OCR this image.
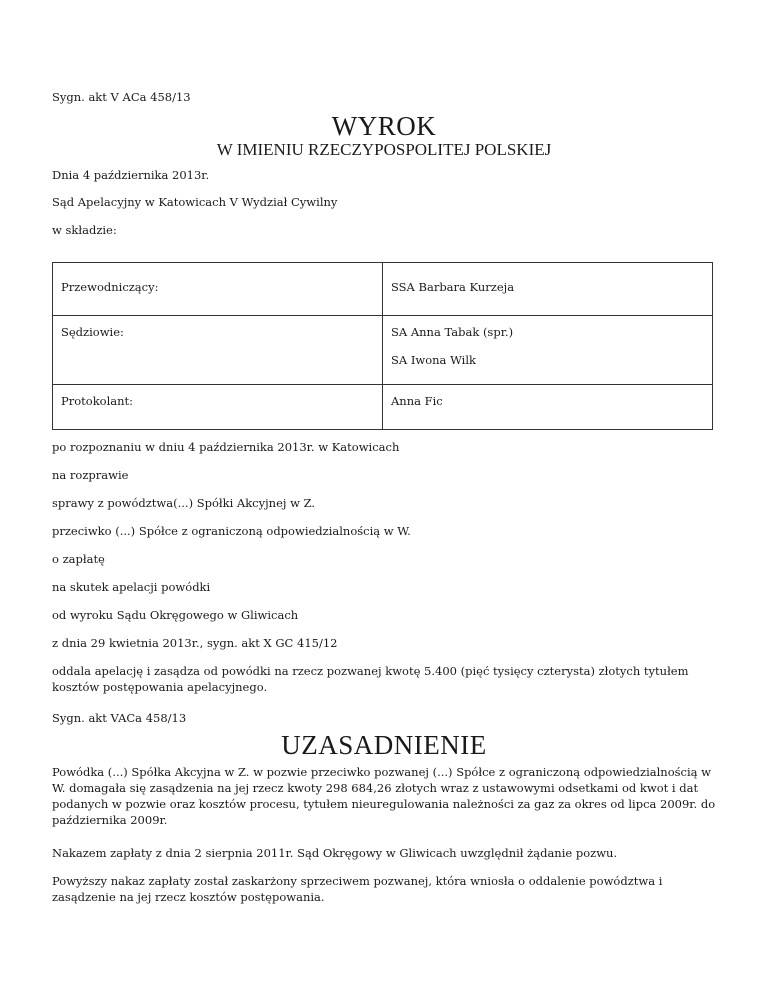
Sygn. akt V ACa 458/13
WYROK
W IMIENIU RZECZYPOSPOLITEJ POLSKIEJ
Dnia 4 października 2013r.
Sąd Apelacyjny w Katowicach V Wydział Cywilny
w składzie:
Przewodniczący:	SSA Barbara Kurzeja

Sędziowie:	SA Anna Tabak (spr.)
SA Iwona Wilk

Protokolant:	Anna Fic
po rozpoznaniu w dniu 4 października 2013r. w Katowicach
na rozprawie
sprawy z powództwa(...) Spółki Akcyjnej w Z.
przeciwko (...) Spółce z ograniczoną odpowiedzialnością w W.
o zapłatę
na skutek apelacji powódki
od wyroku Sądu Okręgowego w Gliwicach
z dnia 29 kwietnia 2013r., sygn. akt X GC 415/12
oddala apelację i zasądza od powódki na rzecz pozwanej kwotę 5.400 (pięć tysięcy czterysta) złotych tytułem kosztów postępowania apelacyjnego.
Sygn. akt VACa 458/13
UZASADNIENIE
Powódka (...) Spółka Akcyjna w Z. w pozwie przeciwko pozwanej (...) Spółce z ograniczoną odpowiedzialnością w W. domagała się zasądzenia na jej rzecz kwoty 298 684,26 złotych wraz z ustawowymi odsetkami od kwot i dat podanych w pozwie oraz kosztów procesu, tytułem nieuregulowania należności za gaz za okres od lipca 2009r. do października 2009r.
Nakazem zapłaty z dnia 2 sierpnia 2011r. Sąd Okręgowy w Gliwicach uwzględnił żądanie pozwu.
Powyższy nakaz zapłaty został zaskarżony sprzeciwem pozwanej, która wniosła o oddalenie powództwa i zasądzenie na jej rzecz kosztów postępowania.
